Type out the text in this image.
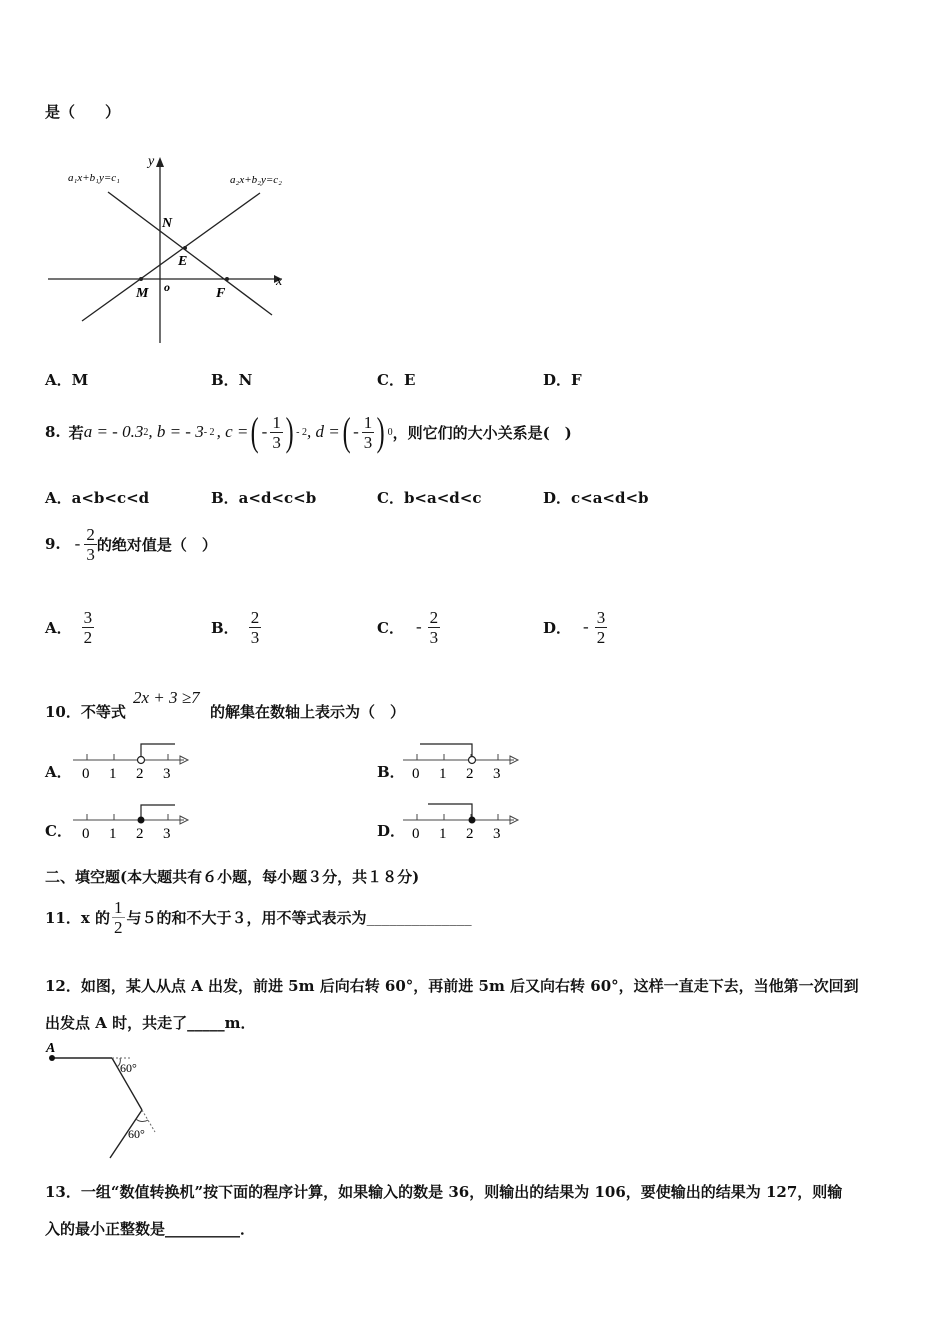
是（　　）
a₁x+b₁y=c₁	a₂x+b₂y=c₂
y
x
N
E
M o	F
A．M	B．N	C．E	D．F
8. 若 a = - 0.3 2 , b = - 3 - 2 , c = ( - $\frac{1}{3}$ ) - 2 , d = ( - $\frac{1}{3}$ ) 0 ，则它们的大小关系是(　)
A．a<b<c<d	B．a<d<c<b	C．b<a<d<c	D．c<a<d<b
9. - $\frac{2}{3}$ 的绝对值是（　）
A． $\frac{3}{2}$	B． $\frac{2}{3}$	C． - $\frac{2}{3}$	D． - $\frac{3}{2}$
10．不等式
2x + 3 ≥7
的解集在数轴上表示为（　）
A． 0 1 2 3	B． 0 1 2 3
C． 0 1 2 3	D． 0 1 2 3
二、填空题(本大题共有６小题，每小题３分，共１８分)
11．x 的 $\frac{1}{2}$ 与５的和不大于３，用不等式表示为 ______________
12．如图，某人从点 A 出发，前进 5m 后向右转 60°，再前进 5m 后又向右转 60°，这样一直走下去，当他第一次回到
出发点 A 时，共走了_____m．
A
60°
60°
13．一组“数值转换机”按下面的程序计算，如果输入的数是 36，则输出的结果为 106，要使输出的结果为 127，则输
入的最小正整数是__________．
